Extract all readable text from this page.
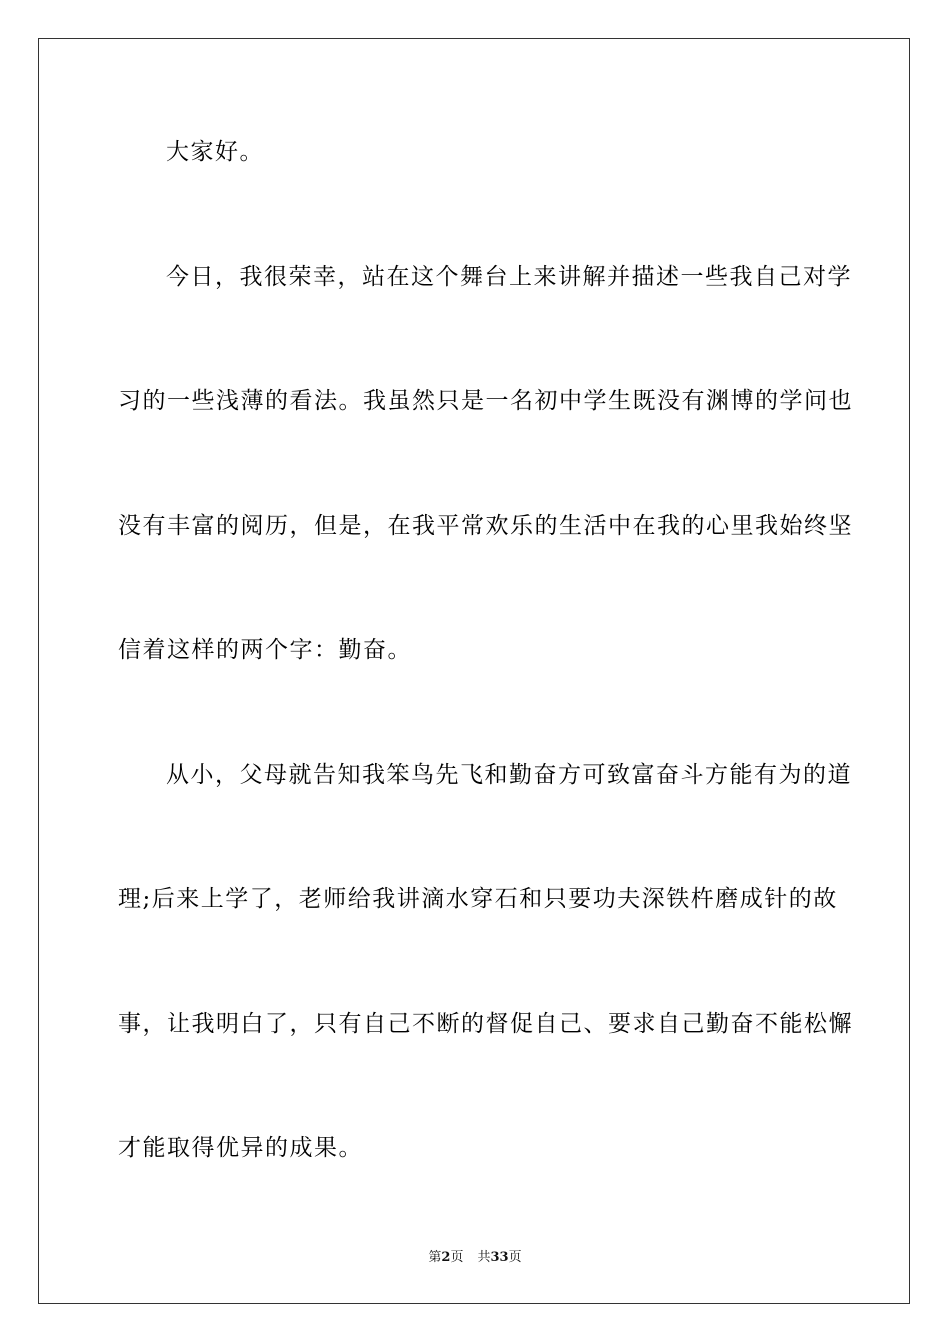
大家好。
今日，我很荣幸，站在这个舞台上来讲解并描述一些我自己对学
习的一些浅薄的看法。我虽然只是一名初中学生既没有渊博的学问也
没有丰富的阅历，但是，在我平常欢乐的生活中在我的心里我始终坚
信着这样的两个字：勤奋。
从小，父母就告知我笨鸟先飞和勤奋方可致富奋斗方能有为的道
理;后来上学了，老师给我讲滴水穿石和只要功夫深铁杵磨成针的故
事，让我明白了，只有自己不断的督促自己、要求自己勤奋不能松懈
才能取得优异的成果。
第2页 共33页
